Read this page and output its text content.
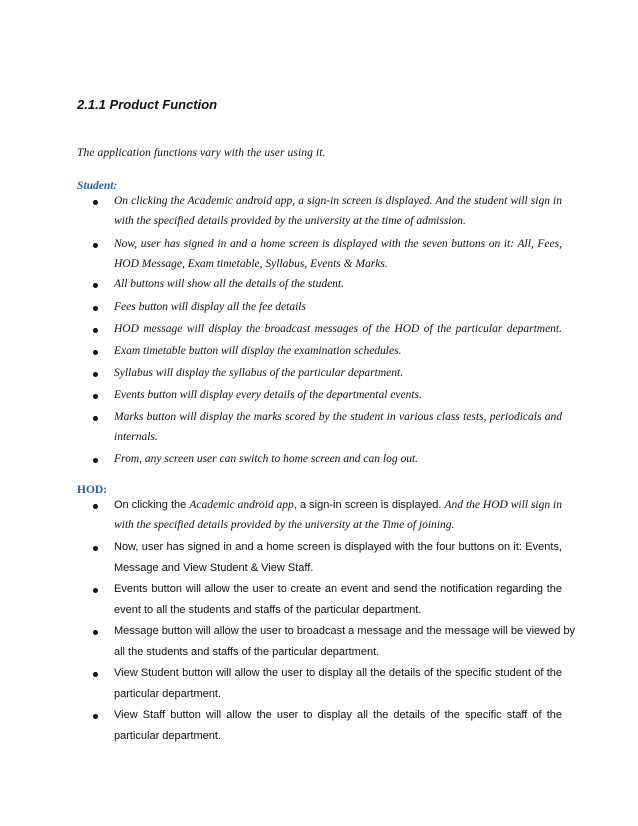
2.1.1 Product Function
The application functions vary with the user using it.
Student:
On clicking the Academic android app, a sign-in screen is displayed. And the student will sign in
with the specified details provided by the university at the time of admission.
Now, user has signed in and a home screen is displayed with the seven buttons on it: All, Fees,
HOD Message, Exam timetable, Syllabus, Events & Marks.
All buttons will show all the details of the student.
Fees button will display all the fee details
HOD message will display the broadcast messages of the HOD of the particular department.
Exam timetable button will display the examination schedules.
Syllabus will display the syllabus of the particular department.
Events button will display every details of the departmental events.
Marks button will display the marks scored by the student in various class tests, periodicals and
internals.
From, any screen user can switch to home screen and can log out.
HOD:
On clicking the Academic android app, a sign-in screen is displayed. And the HOD will sign in
with the specified details provided by the university at the Time of joining.
Now, user has signed in and a home screen is displayed with the four buttons on it: Events,
Message and View Student & View Staff.
Events button will allow the user to create an event and send the notification regarding the
event to all the students and staffs of the particular department.
Message button will allow the user to broadcast a message and the message will be viewed by
all the students and staffs of the particular department.
View Student button will allow the user to display all the details of the specific student of the
particular department.
View Staff button will allow the user to display all the details of the specific staff of the
particular department.
